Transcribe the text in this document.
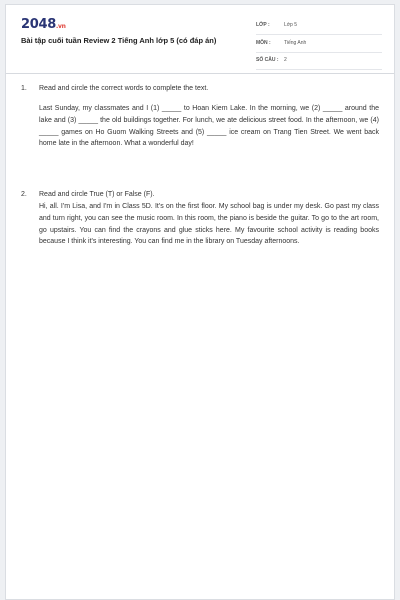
2048.vn
Bài tập cuối tuần Review 2 Tiếng Anh lớp 5 (có đáp án)
LỚP :	Lớp 5
MÔN :	Tiếng Anh
SỐ CÂU : 2
1. Read and circle the correct words to complete the text.

Last Sunday, my classmates and I (1) _____ to Hoan Kiem Lake. In the morning, we (2) _____ around the lake and (3) _____ the old buildings together. For lunch, we ate delicious street food. In the afternoon, we (4) _____ games on Ho Guom Walking Streets and (5) _____ ice cream on Trang Tien Street. We went back home late in the afternoon. What a wonderful day!

2. Read and circle True (T) or False (F).

Hi, all. I'm Lisa, and I'm in Class 5D. It's on the first floor. My school bag is under my desk. Go past my class and turn right, you can see the music room. In this room, the piano is beside the guitar. To go to the art room, go upstairs. You can find the crayons and glue sticks here. My favourite school activity is reading books because I think it's interesting. You can find me in the library on Tuesday afternoons.
